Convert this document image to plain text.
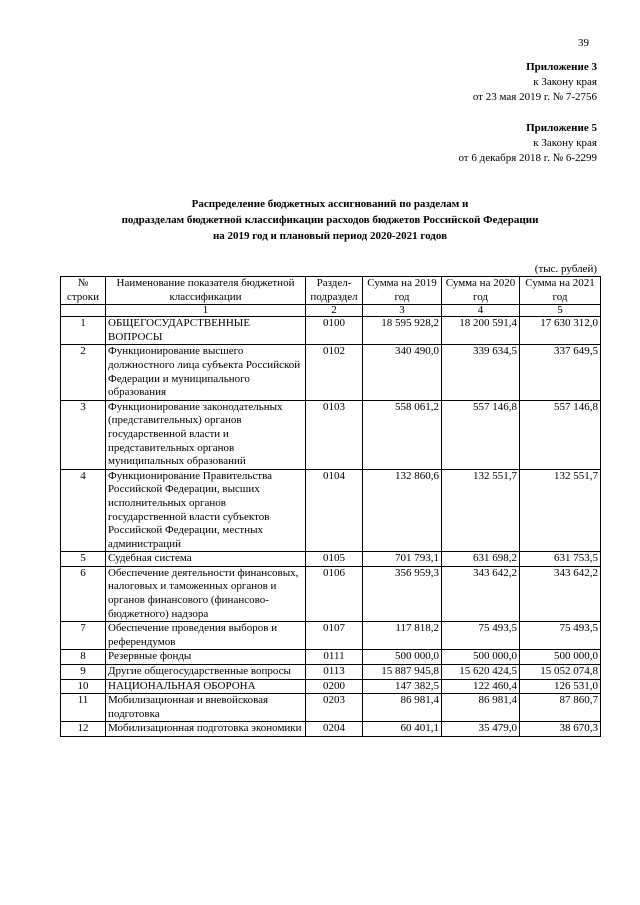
39
Приложение 3
к Закону края
от 23 мая 2019 г. № 7-2756
Приложение 5
к Закону края
от 6 декабря 2018 г. № 6-2299
Распределение бюджетных ассигнований по разделам и
подразделам бюджетной классификации расходов бюджетов Российской Федерации
на 2019 год и плановый период 2020-2021 годов
(тыс. рублей)
№ строки	Наименование показателя бюджетной классификации	Раздел-подраздел	Сумма на 2019 год	Сумма на 2020 год	Сумма на 2021 год
	1	2	3	4	5
1	ОБЩЕГОСУДАРСТВЕННЫЕ ВОПРОСЫ	0100	18 595 928,2	18 200 591,4	17 630 312,0
2	Функционирование высшего должностного лица субъекта Российской Федерации и муниципального образования	0102	340 490,0	339 634,5	337 649,5
3	Функционирование законодательных (представительных) органов государственной власти и представительных органов муниципальных образований	0103	558 061,2	557 146,8	557 146,8
4	Функционирование Правительства Российской Федерации, высших исполнительных органов государственной власти субъектов Российской Федерации, местных администраций	0104	132 860,6	132 551,7	132 551,7
5	Судебная система	0105	701 793,1	631 698,2	631 753,5
6	Обеспечение деятельности финансовых, налоговых и таможенных органов и органов финансового (финансово-бюджетного) надзора	0106	356 959,3	343 642,2	343 642,2
7	Обеспечение проведения выборов и референдумов	0107	117 818,2	75 493,5	75 493,5
8	Резервные фонды	0111	500 000,0	500 000,0	500 000,0
9	Другие общегосударственные вопросы	0113	15 887 945,8	15 620 424,5	15 052 074,8
10	НАЦИОНАЛЬНАЯ ОБОРОНА	0200	147 382,5	122 460,4	126 531,0
11	Мобилизационная и вневойсковая подготовка	0203	86 981,4	86 981,4	87 860,7
12	Мобилизационная подготовка экономики	0204	60 401,1	35 479,0	38 670,3
